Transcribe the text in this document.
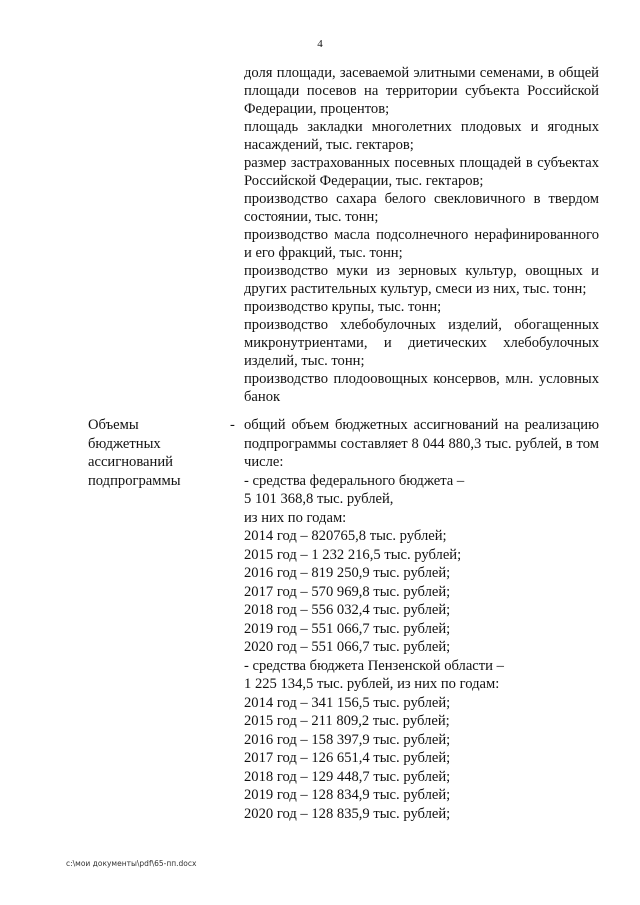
4
доля площади, засеваемой элитными семенами, в общей площади посевов на территории субъекта Российской Федерации, процентов;
площадь закладки многолетних плодовых и ягодных насаждений, тыс. гектаров;
размер застрахованных посевных площадей в субъектах Российской Федерации, тыс. гектаров;
производство сахара белого свекловичного в твердом состоянии, тыс. тонн;
производство масла подсолнечного нерафинированного и его фракций, тыс. тонн;
производство муки из зерновых культур, овощных и других растительных культур, смеси из них, тыс. тонн;
производство крупы, тыс. тонн;
производство хлебобулочных изделий, обогащенных микронутриентами, и диетических хлебобулочных изделий, тыс. тонн;
производство плодоовощных консервов, млн. условных банок
Объемы
бюджетных
ассигнований
подпрограммы
- общий объем бюджетных ассигнований на реализацию подпрограммы составляет 8 044 880,3 тыс. рублей, в том числе:
- средства федерального бюджета –
5 101 368,8 тыс. рублей,
из них по годам:
2014 год – 820765,8 тыс. рублей;
2015 год – 1 232 216,5 тыс. рублей;
2016 год – 819 250,9 тыс. рублей;
2017 год – 570 969,8 тыс. рублей;
2018 год – 556 032,4 тыс. рублей;
2019 год – 551 066,7 тыс. рублей;
2020 год – 551 066,7 тыс. рублей;
- средства бюджета Пензенской области –
1 225 134,5 тыс. рублей, из них по годам:
2014 год – 341 156,5 тыс. рублей;
2015 год – 211 809,2 тыс. рублей;
2016 год – 158 397,9 тыс. рублей;
2017 год – 126 651,4 тыс. рублей;
2018 год – 129 448,7 тыс. рублей;
2019 год – 128 834,9 тыс. рублей;
2020 год – 128 835,9 тыс. рублей;
c:\мои документы\pdf\65-пп.docx
